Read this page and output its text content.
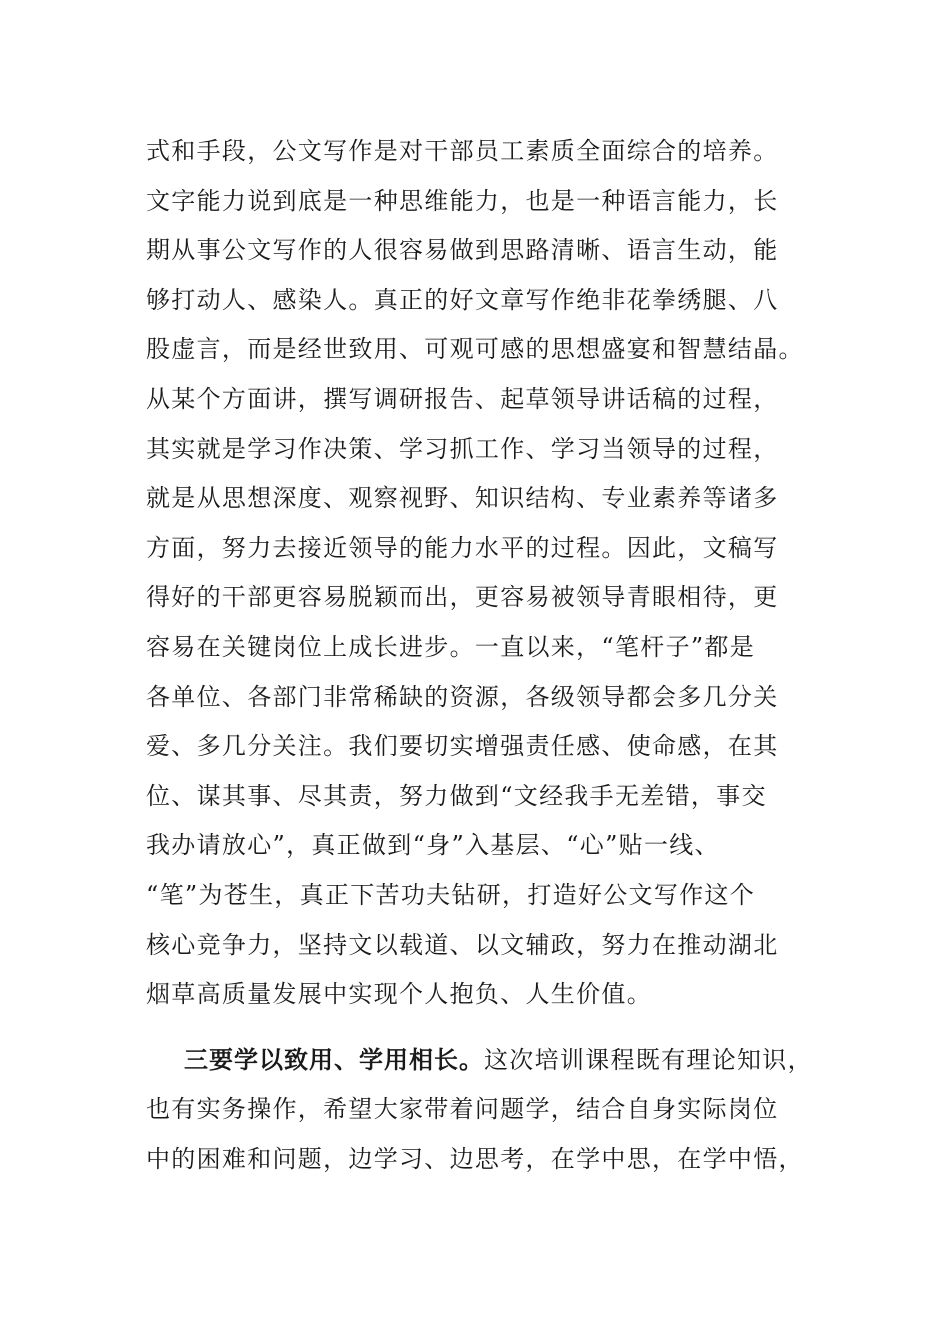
式和手段，公文写作是对干部员工素质全面综合的培养。
文字能力说到底是一种思维能力，也是一种语言能力，长
期从事公文写作的人很容易做到思路清晰、语言生动，能
够打动人、感染人。真正的好文章写作绝非花拳绣腿、八
股虚言，而是经世致用、可观可感的思想盛宴和智慧结晶。
从某个方面讲，撰写调研报告、起草领导讲话稿的过程，
其实就是学习作决策、学习抓工作、学习当领导的过程，
就是从思想深度、观察视野、知识结构、专业素养等诸多
方面，努力去接近领导的能力水平的过程。因此，文稿写
得好的干部更容易脱颖而出，更容易被领导青眼相待，更
容易在关键岗位上成长进步。一直以来，“笔杆子”都是
各单位、各部门非常稀缺的资源，各级领导都会多几分关
爱、多几分关注。我们要切实增强责任感、使命感，在其
位、谋其事、尽其责，努力做到“文经我手无差错，事交
我办请放心”，真正做到“身”入基层、“心”贴一线、
“笔”为苍生，真正下苦功夫钻研，打造好公文写作这个
核心竞争力，坚持文以载道、以文辅政，努力在推动湖北
烟草高质量发展中实现个人抱负、人生价值。
三要学以致用、学用相长。这次培训课程既有理论知识，
也有实务操作，希望大家带着问题学，结合自身实际岗位
中的困难和问题，边学习、边思考，在学中思，在学中悟，
